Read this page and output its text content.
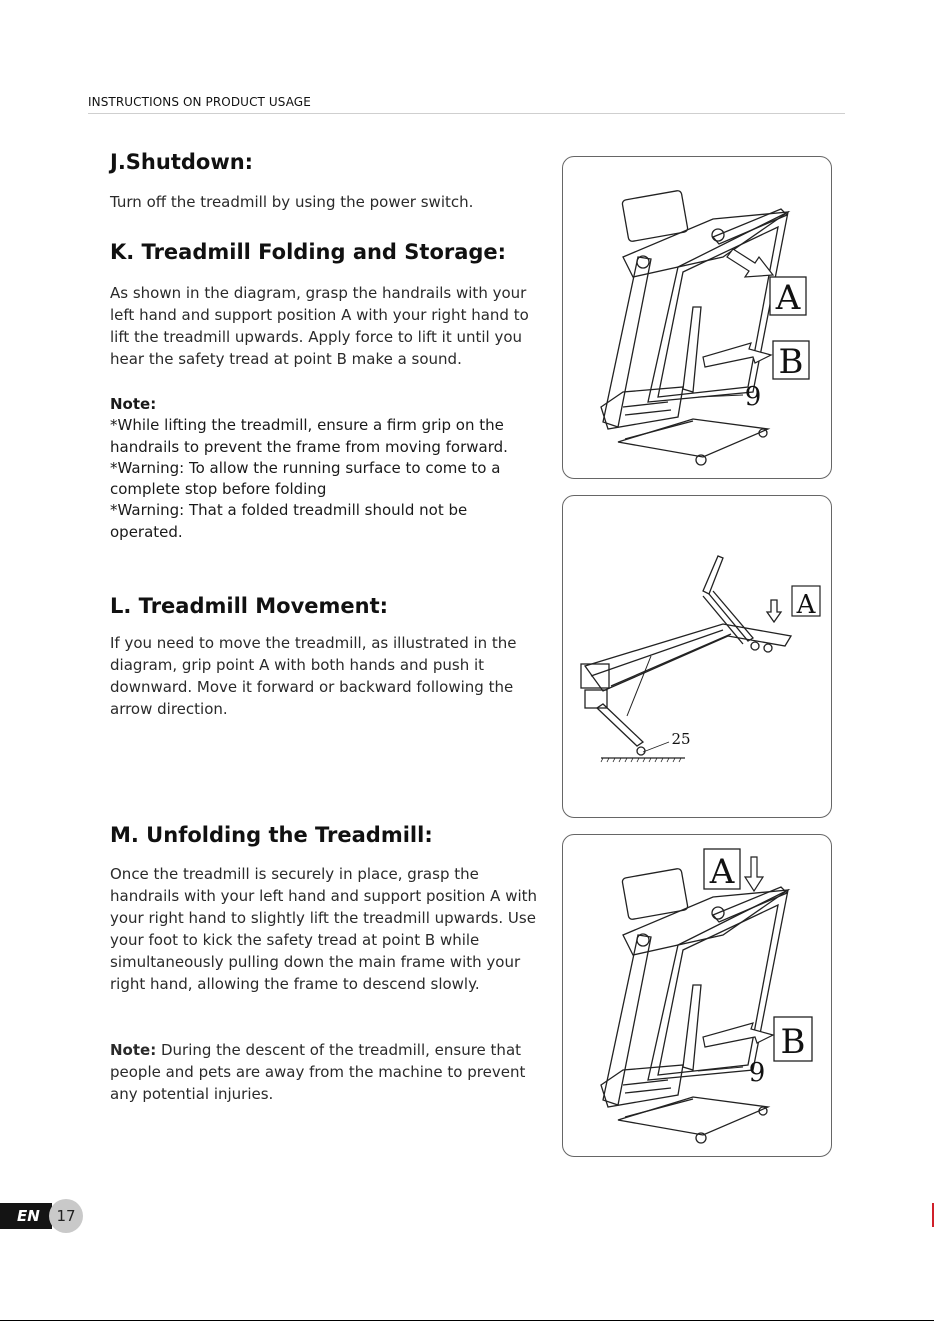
INSTRUCTIONS ON PRODUCT USAGE
J.Shutdown:
Turn off the treadmill by using the power switch.
K. Treadmill Folding and Storage:
As shown in the diagram, grasp the handrails with your left hand and support position A with your right hand to lift the treadmill upwards. Apply force to lift it until you hear the safety tread at point B make a sound.
Note:
*While lifting the treadmill, ensure a firm grip on the handrails to prevent the frame from moving forward.
*Warning: To allow the running surface to come to a complete stop before folding
*Warning: That a folded treadmill should not be operated.
L. Treadmill Movement:
If you need to move the treadmill, as illustrated in the diagram, grip point A with both hands and push it downward. Move it forward or backward following the arrow direction.
M. Unfolding the Treadmill:
Once the treadmill is securely in place, grasp the handrails with your left hand and support position A with your right hand to slightly lift the treadmill upwards. Use your foot to kick the safety tread at point B while simultaneously pulling down the main frame with your right hand, allowing the frame to descend slowly.
Note: During the descent of the treadmill, ensure that people and pets are away from the machine to prevent any potential injuries.
A
B
9
A
25
A
B
9
EN	17
